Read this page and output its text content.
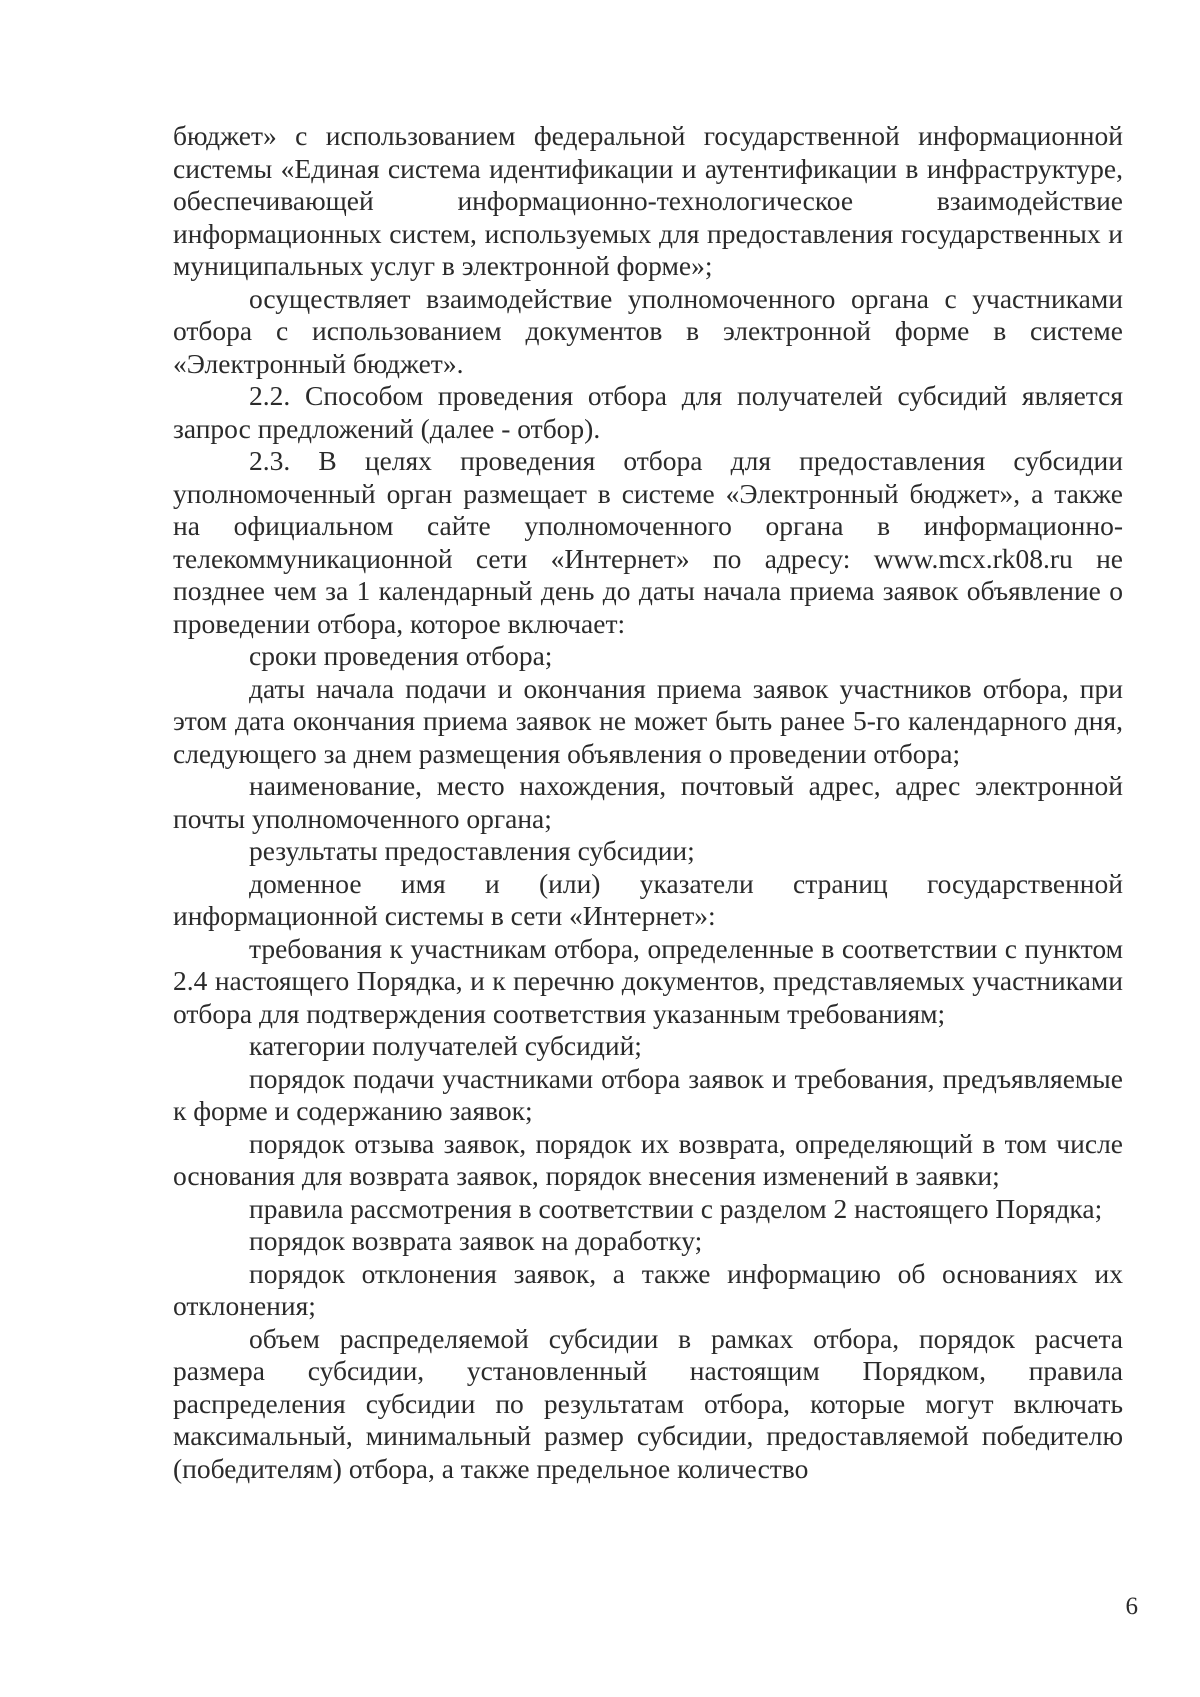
бюджет» с использованием федеральной государственной информационной системы «Единая система идентификации и аутентификации в инфраструктуре, обеспечивающей информационно-технологическое взаимодействие информационных систем, используемых для предоставления государственных и муниципальных услуг в электронной форме»;

осуществляет взаимодействие уполномоченного органа с участниками отбора с использованием документов в электронной форме в системе «Электронный бюджет».

2.2. Способом проведения отбора для получателей субсидий является запрос предложений (далее - отбор).

2.3. В целях проведения отбора для предоставления субсидии уполномоченный орган размещает в системе «Электронный бюджет», а также на официальном сайте уполномоченного органа в информационно-телекоммуникационной сети «Интернет» по адресу: www.mcx.rk08.ru не позднее чем за 1 календарный день до даты начала приема заявок объявление о проведении отбора, которое включает:

сроки проведения отбора;

даты начала подачи и окончания приема заявок участников отбора, при этом дата окончания приема заявок не может быть ранее 5-го календарного дня, следующего за днем размещения объявления о проведении отбора;

наименование, место нахождения, почтовый адрес, адрес электронной почты уполномоченного органа;

результаты предоставления субсидии;

доменное имя и (или) указатели страниц государственной информационной системы в сети «Интернет»:

требования к участникам отбора, определенные в соответствии с пунктом 2.4 настоящего Порядка, и к перечню документов, представляемых участниками отбора для подтверждения соответствия указанным требованиям;

категории получателей субсидий;

порядок подачи участниками отбора заявок и требования, предъявляемые к форме и содержанию заявок;

порядок отзыва заявок, порядок их возврата, определяющий в том числе основания для возврата заявок, порядок внесения изменений в заявки;

правила рассмотрения в соответствии с разделом 2 настоящего Порядка;

порядок возврата заявок на доработку;

порядок отклонения заявок, а также информацию об основаниях их отклонения;

объем распределяемой субсидии в рамках отбора, порядок расчета размера субсидии, установленный настоящим Порядком, правила распределения субсидии по результатам отбора, которые могут включать максимальный, минимальный размер субсидии, предоставляемой победителю (победителям) отбора, а также предельное количество

6
